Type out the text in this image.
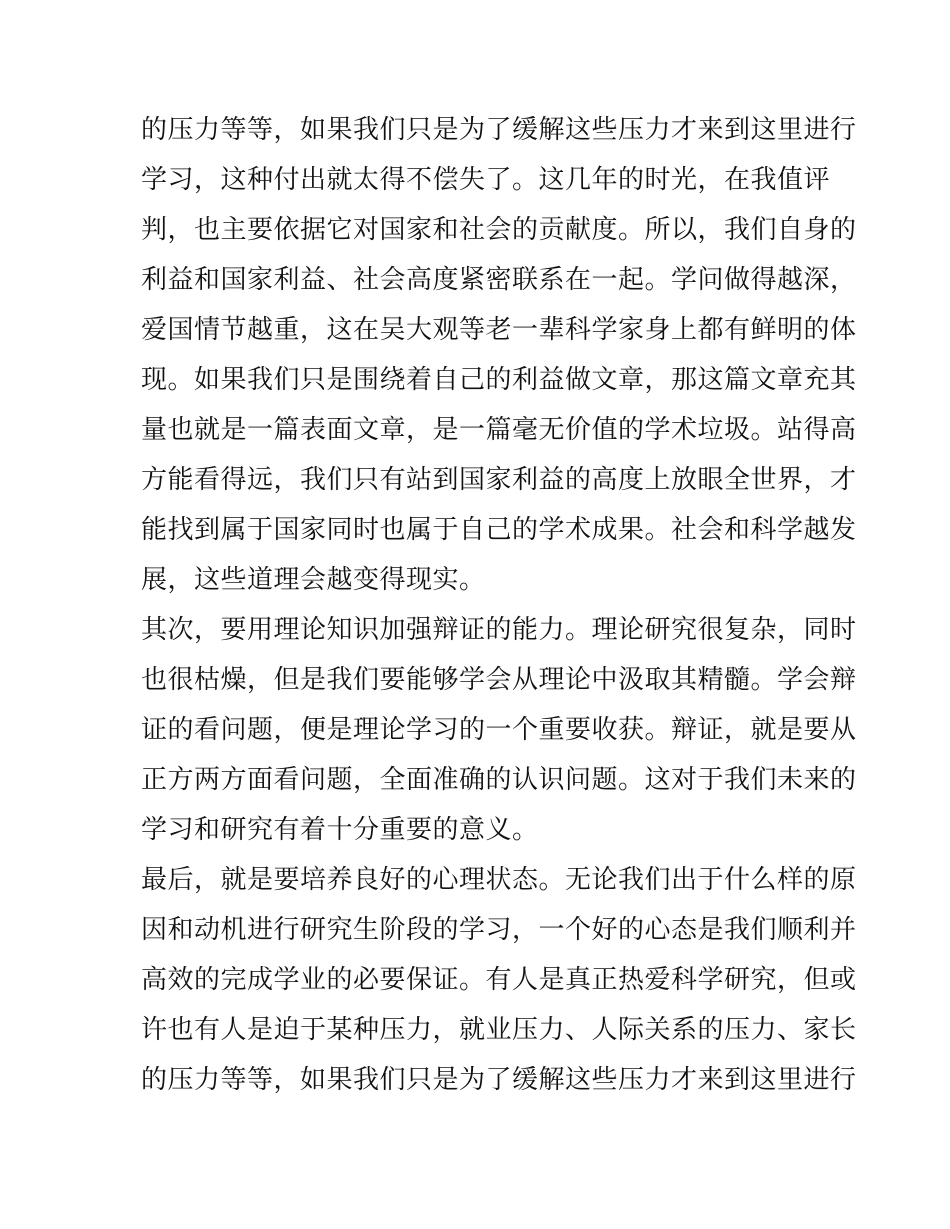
的压力等等，如果我们只是为了缓解这些压力才来到这里进行
学习，这种付出就太得不偿失了。这几年的时光，在我值评
判，也主要依据它对国家和社会的贡献度。所以，我们自身的
利益和国家利益、社会高度紧密联系在一起。学问做得越深，
爱国情节越重，这在吴大观等老一辈科学家身上都有鲜明的体
现。如果我们只是围绕着自己的利益做文章，那这篇文章充其
量也就是一篇表面文章，是一篇毫无价值的学术垃圾。站得高
方能看得远，我们只有站到国家利益的高度上放眼全世界，才
能找到属于国家同时也属于自己的学术成果。社会和科学越发
展，这些道理会越变得现实。
其次，要用理论知识加强辩证的能力。理论研究很复杂，同时
也很枯燥，但是我们要能够学会从理论中汲取其精髓。学会辩
证的看问题，便是理论学习的一个重要收获。辩证，就是要从
正方两方面看问题，全面准确的认识问题。这对于我们未来的
学习和研究有着十分重要的意义。
最后，就是要培养良好的心理状态。无论我们出于什么样的原
因和动机进行研究生阶段的学习，一个好的心态是我们顺利并
高效的完成学业的必要保证。有人是真正热爱科学研究，但或
许也有人是迫于某种压力，就业压力、人际关系的压力、家长
的压力等等，如果我们只是为了缓解这些压力才来到这里进行
